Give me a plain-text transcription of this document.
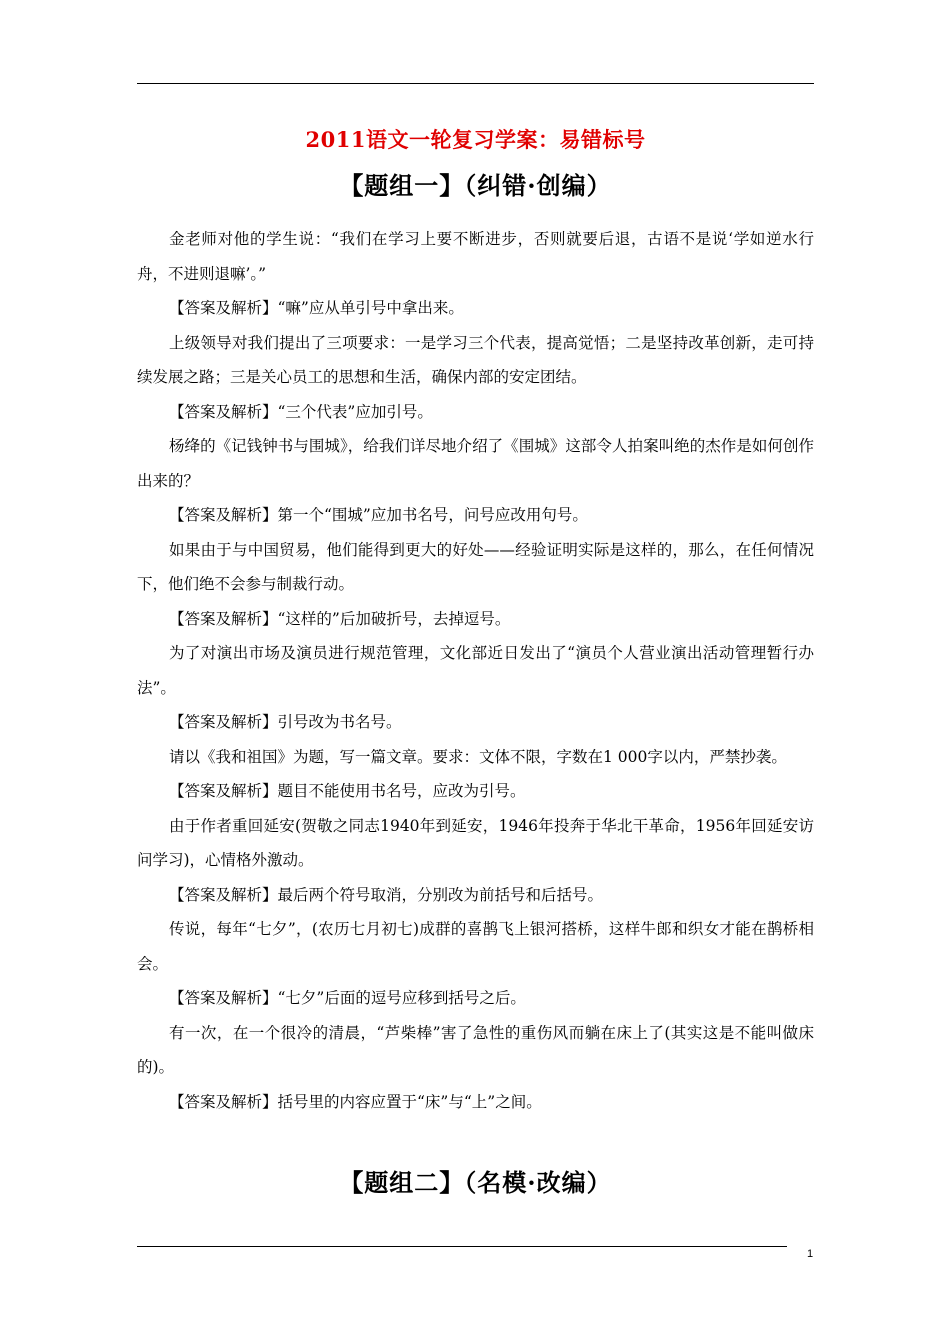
2011语文一轮复习学案：易错标号
【题组一】（纠错·创编）

金老师对他的学生说：“我们在学习上要不断进步，否则就要后退，古语不是说‘学如逆水行舟，不进则退嘛’。”

【答案及解析】“嘛”应从单引号中拿出来。

上级领导对我们提出了三项要求：一是学习三个代表，提高觉悟；二是坚持改革创新，走可持续发展之路；三是关心员工的思想和生活，确保内部的安定团结。

【答案及解析】“三个代表”应加引号。

杨绛的《记钱钟书与围城》，给我们详尽地介绍了《围城》这部令人拍案叫绝的杰作是如何创作出来的？

【答案及解析】第一个“围城”应加书名号，问号应改用句号。

如果由于与中国贸易，他们能得到更大的好处——经验证明实际是这样的，那么，在任何情况下，他们绝不会参与制裁行动。

【答案及解析】“这样的”后加破折号，去掉逗号。

为了对演出市场及演员进行规范管理，文化部近日发出了“演员个人营业演出活动管理暂行办法”。

【答案及解析】引号改为书名号。

请以《我和祖国》为题，写一篇文章。要求：文体不限，字数在1 000字以内，严禁抄袭。

【答案及解析】题目不能使用书名号，应改为引号。

由于作者重回延安(贺敬之同志1940年到延安，1946年投奔于华北干革命，1956年回延安访问学习)，心情格外激动。

【答案及解析】最后两个符号取消，分别改为前括号和后括号。

传说，每年“七夕”，(农历七月初七)成群的喜鹊飞上银河搭桥，这样牛郎和织女才能在鹊桥相会。

【答案及解析】“七夕”后面的逗号应移到括号之后。

有一次，在一个很冷的清晨，“芦柴棒”害了急性的重伤风而躺在床上了(其实这是不能叫做床的)。

【答案及解析】括号里的内容应置于“床”与“上”之间。

【题组二】（名模·改编）
1
